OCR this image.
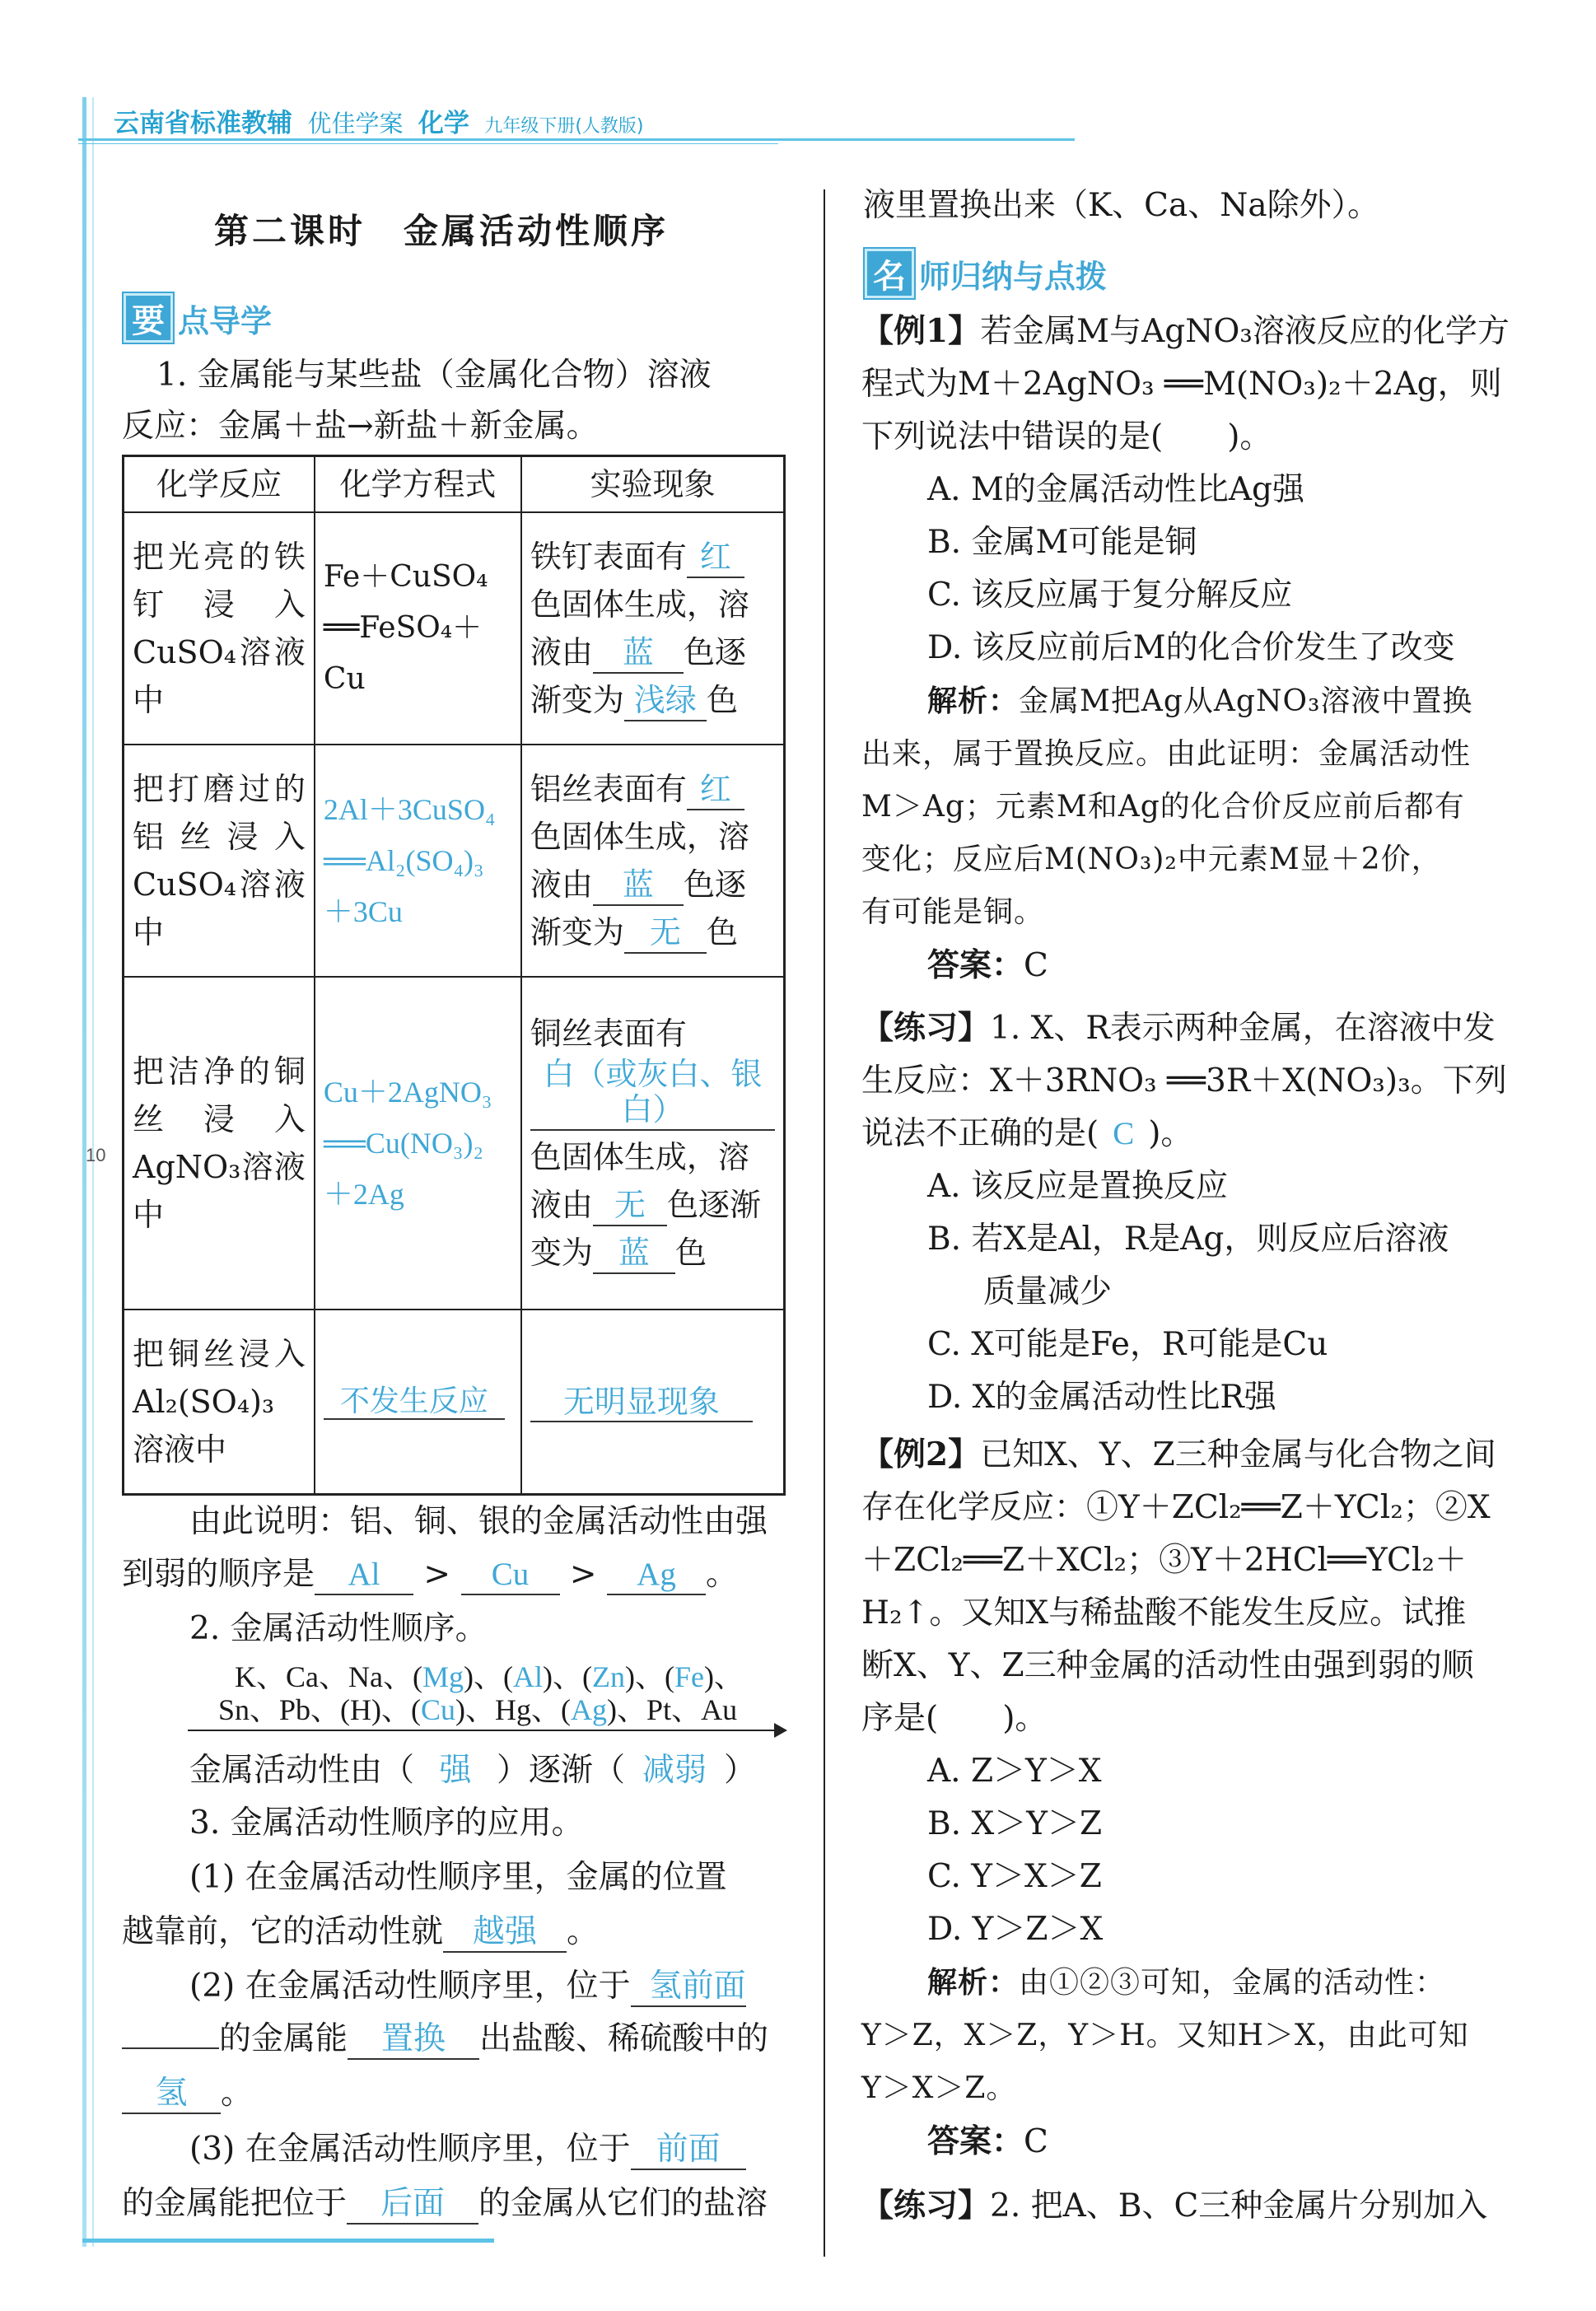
云南省标准教辅 优佳学案 化学 九年级下册(人教版)
10
第二课时　金属活动性顺序
要 点导学
1. 金属能与某些盐（金属化合物）溶液
反应：金属＋盐→新盐＋新金属。
化学反应	化学方程式	实验现象
把光亮的铁钉浸入CuSO₄溶液中	Fe＋CuSO₄ ══FeSO₄＋ Cu	铁钉表面有 红色固体生成，溶液由 蓝 色逐渐变为 浅绿 色
把打磨过的铝丝浸入CuSO₄溶液中	2Al＋3CuSO₄ ══Al₂(SO₄)₃ ＋3Cu	铝丝表面有 红色固体生成，溶液由 蓝 色逐渐变为 无 色
把洁净的铜丝浸入AgNO₃溶液中	Cu＋2AgNO₃ ══Cu(NO₃)₂ ＋2Ag	铜丝表面有白（或灰白、银白）色固体生成，溶液由 无 色逐渐变为 蓝 色
把铜丝浸入Al₂(SO₄)₃溶液中	不发生反应	无明显现象
由此说明：铝、铜、银的金属活动性由强
到弱的顺序是 Al > Cu > Ag 。
2. 金属活动性顺序。
K、Ca、Na、(Mg)、(Al)、(Zn)、(Fe)、
Sn、Pb、(H)、(Cu)、Hg、(Ag)、Pt、Au
金属活动性由（ 强 ）逐渐（ 减弱 ）
3. 金属活动性顺序的应用。
(1) 在金属活动性顺序里，金属的位置
越靠前，它的活动性就 越强 。
(2) 在金属活动性顺序里，位于 氢前面
的金属能 置换 出盐酸、稀硫酸中的
氢 。
(3) 在金属活动性顺序里，位于 前面
的金属能把位于 后面 的金属从它们的盐溶
液里置换出来（K、Ca、Na除外）。
名 师归纳与点拨
【例1】若金属M与AgNO₃溶液反应的化学方
程式为M＋2AgNO₃ ══M(NO₃)₂＋2Ag，则
下列说法中错误的是(　　)。
A. M的金属活动性比Ag强
B. 金属M可能是铜
C. 该反应属于复分解反应
D. 该反应前后M的化合价发生了改变
解析：金属M把Ag从AgNO₃溶液中置换
出来，属于置换反应。由此证明：金属活动性
M＞Ag；元素M和Ag的化合价反应前后都有
变化；反应后M(NO₃)₂中元素M显＋2价，
有可能是铜。
答案：C
【练习】1. X、R表示两种金属，在溶液中发
生反应：X＋3RNO₃ ══3R＋X(NO₃)₃。下列
说法不正确的是( C )。
A. 该反应是置换反应
B. 若X是Al，R是Ag，则反应后溶液
质量减少
C. X可能是Fe，R可能是Cu
D. X的金属活动性比R强
【例2】已知X、Y、Z三种金属与化合物之间
存在化学反应：①Y＋ZCl₂══Z＋YCl₂；②X
＋ZCl₂══Z＋XCl₂；③Y＋2HCl══YCl₂＋
H₂↑。又知X与稀盐酸不能发生反应。试推
断X、Y、Z三种金属的活动性由强到弱的顺
序是(　　)。
A. Z＞Y＞X
B. X＞Y＞Z
C. Y＞X＞Z
D. Y＞Z＞X
解析：由①②③可知，金属的活动性：
Y＞Z，X＞Z，Y＞H。又知H＞X，由此可知
Y＞X＞Z。
答案：C
【练习】2. 把A、B、C三种金属片分别加入
